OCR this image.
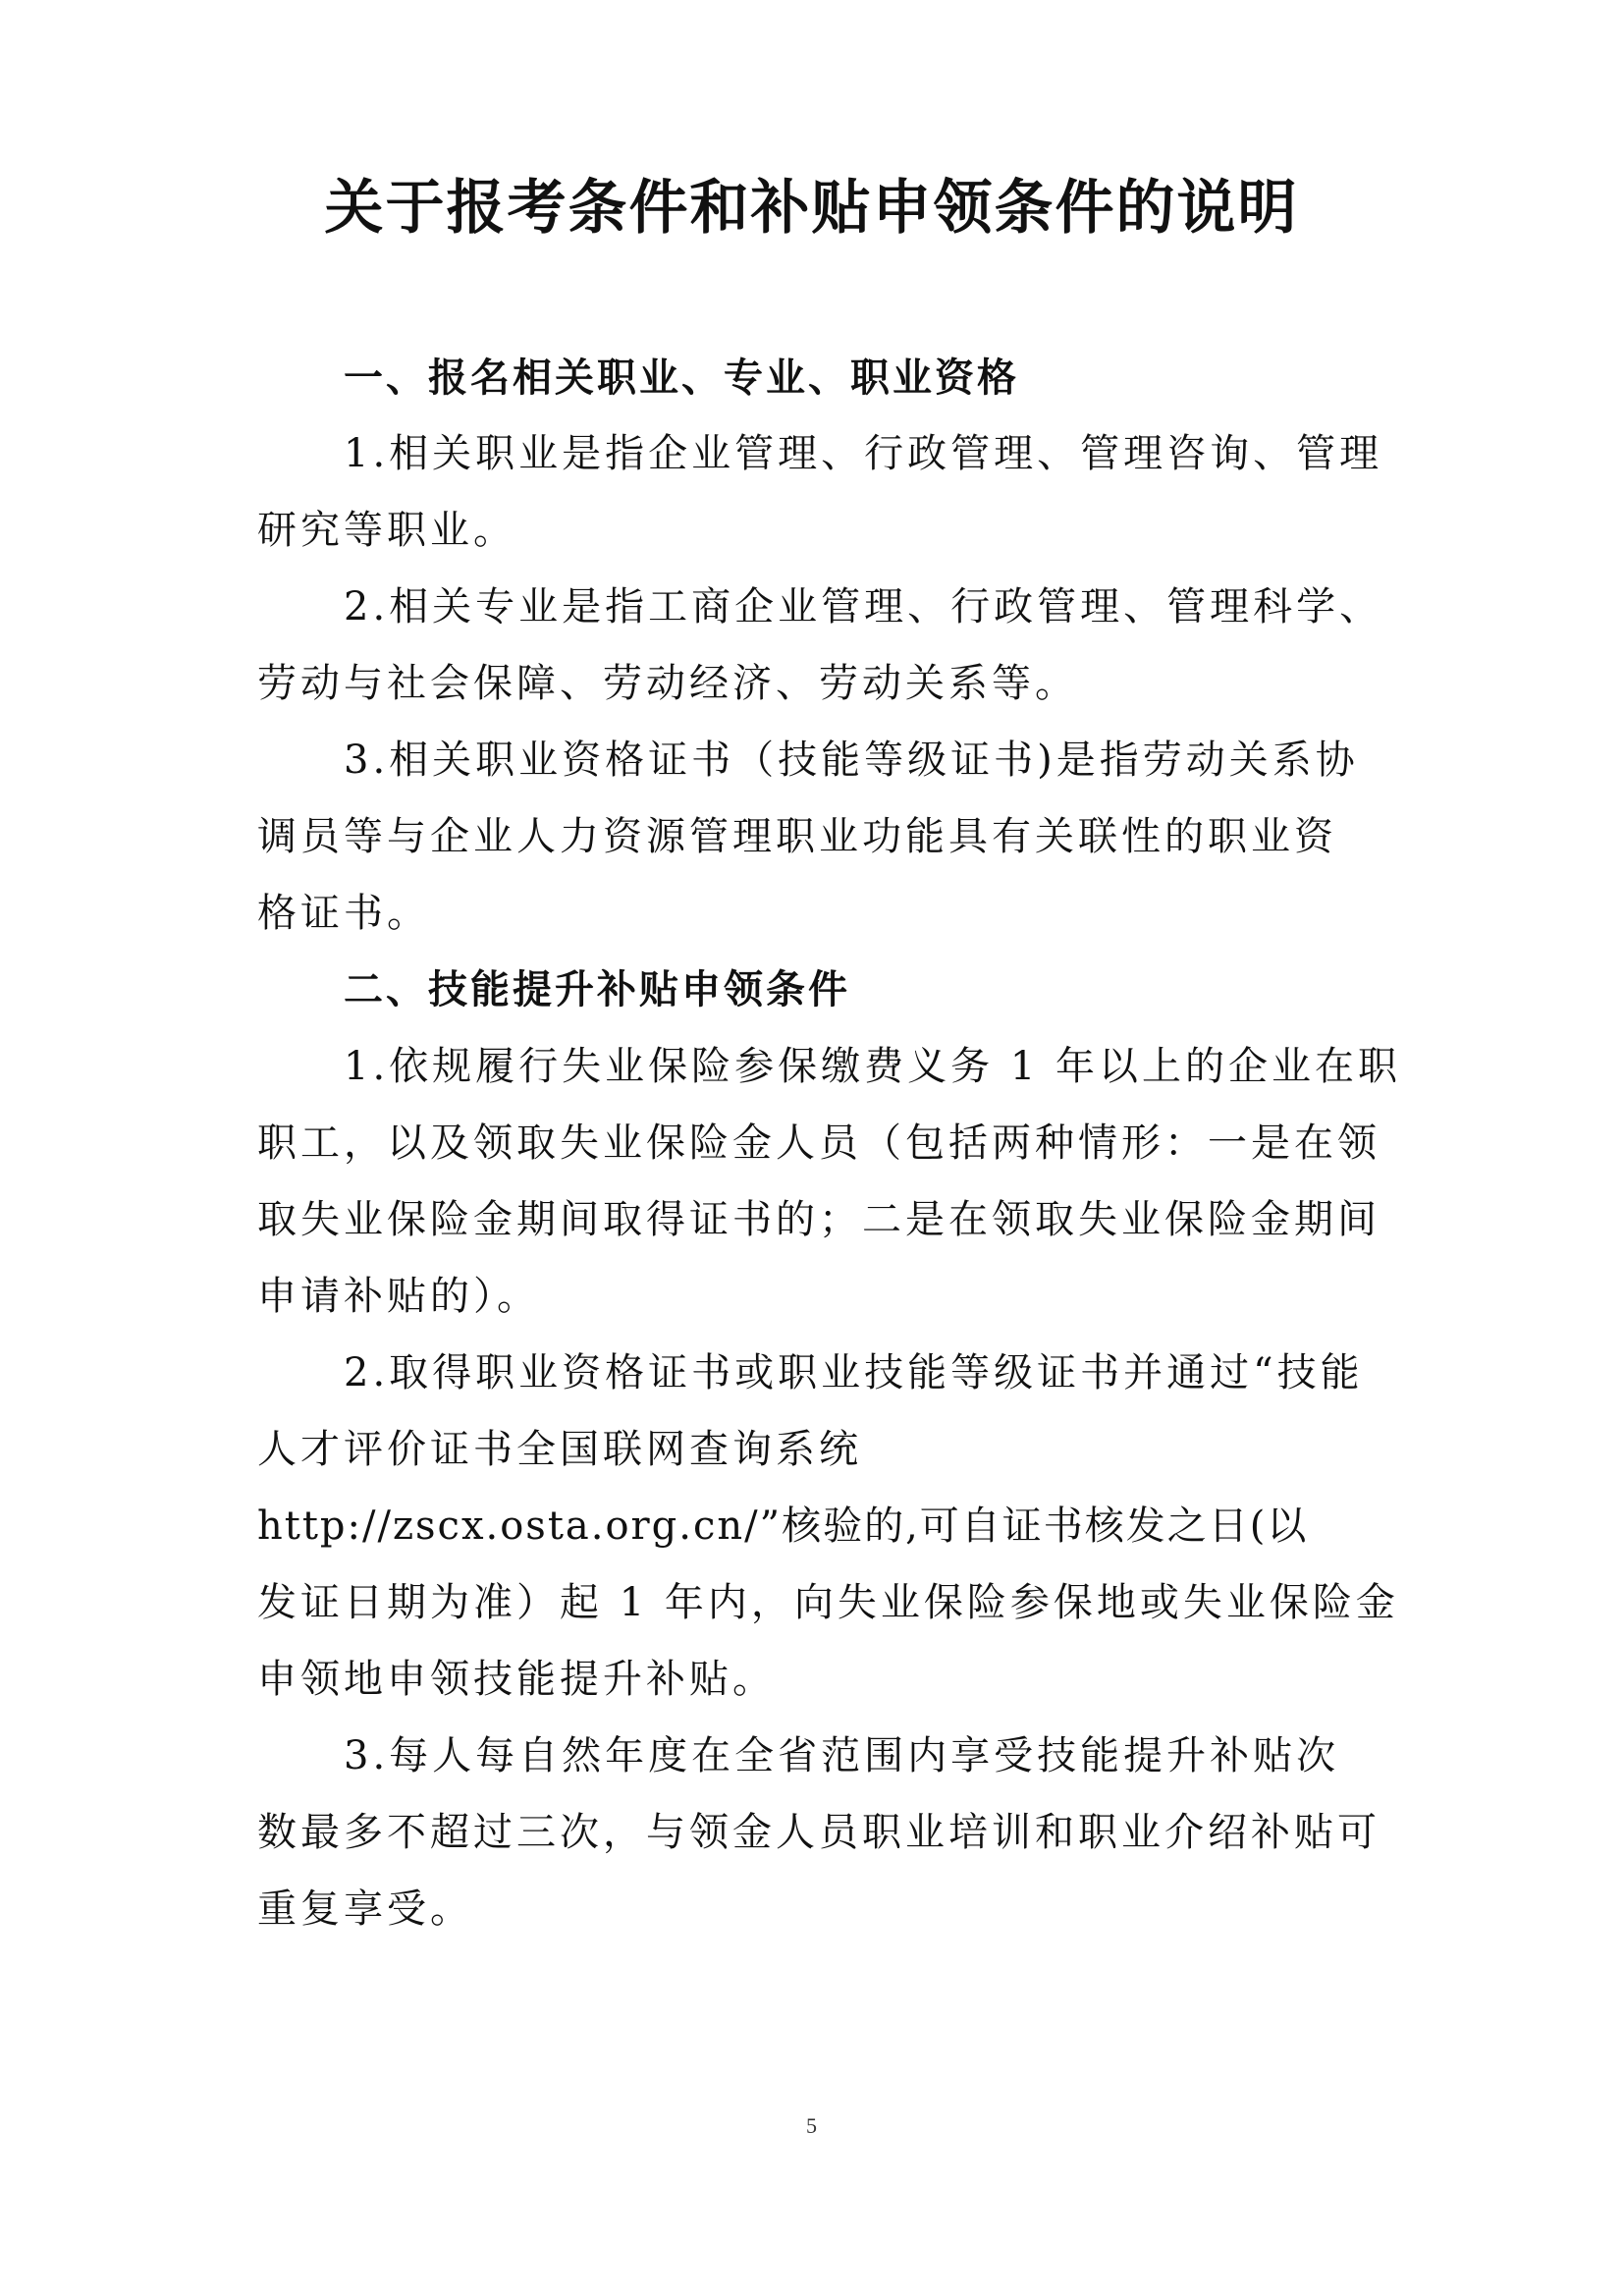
关于报考条件和补贴申领条件的说明

一、报名相关职业、专业、职业资格

1.相关职业是指企业管理、行政管理、管理咨询、管理

研究等职业。

2.相关专业是指工商企业管理、行政管理、管理科学、

劳动与社会保障、劳动经济、劳动关系等。

3.相关职业资格证书（技能等级证书)是指劳动关系协

调员等与企业人力资源管理职业功能具有关联性的职业资

格证书。

二、技能提升补贴申领条件

1.依规履行失业保险参保缴费义务 1 年以上的企业在职

职工，以及领取失业保险金人员（包括两种情形：一是在领

取失业保险金期间取得证书的；二是在领取失业保险金期间

申请补贴的）。

2.取得职业资格证书或职业技能等级证书并通过“技能

人才评价证书全国联网查询系统

http://zscx.osta.org.cn/”核验的,可自证书核发之日(以

发证日期为准）起 1 年内，向失业保险参保地或失业保险金

申领地申领技能提升补贴。

3.每人每自然年度在全省范围内享受技能提升补贴次

数最多不超过三次，与领金人员职业培训和职业介绍补贴可

重复享受。

5
